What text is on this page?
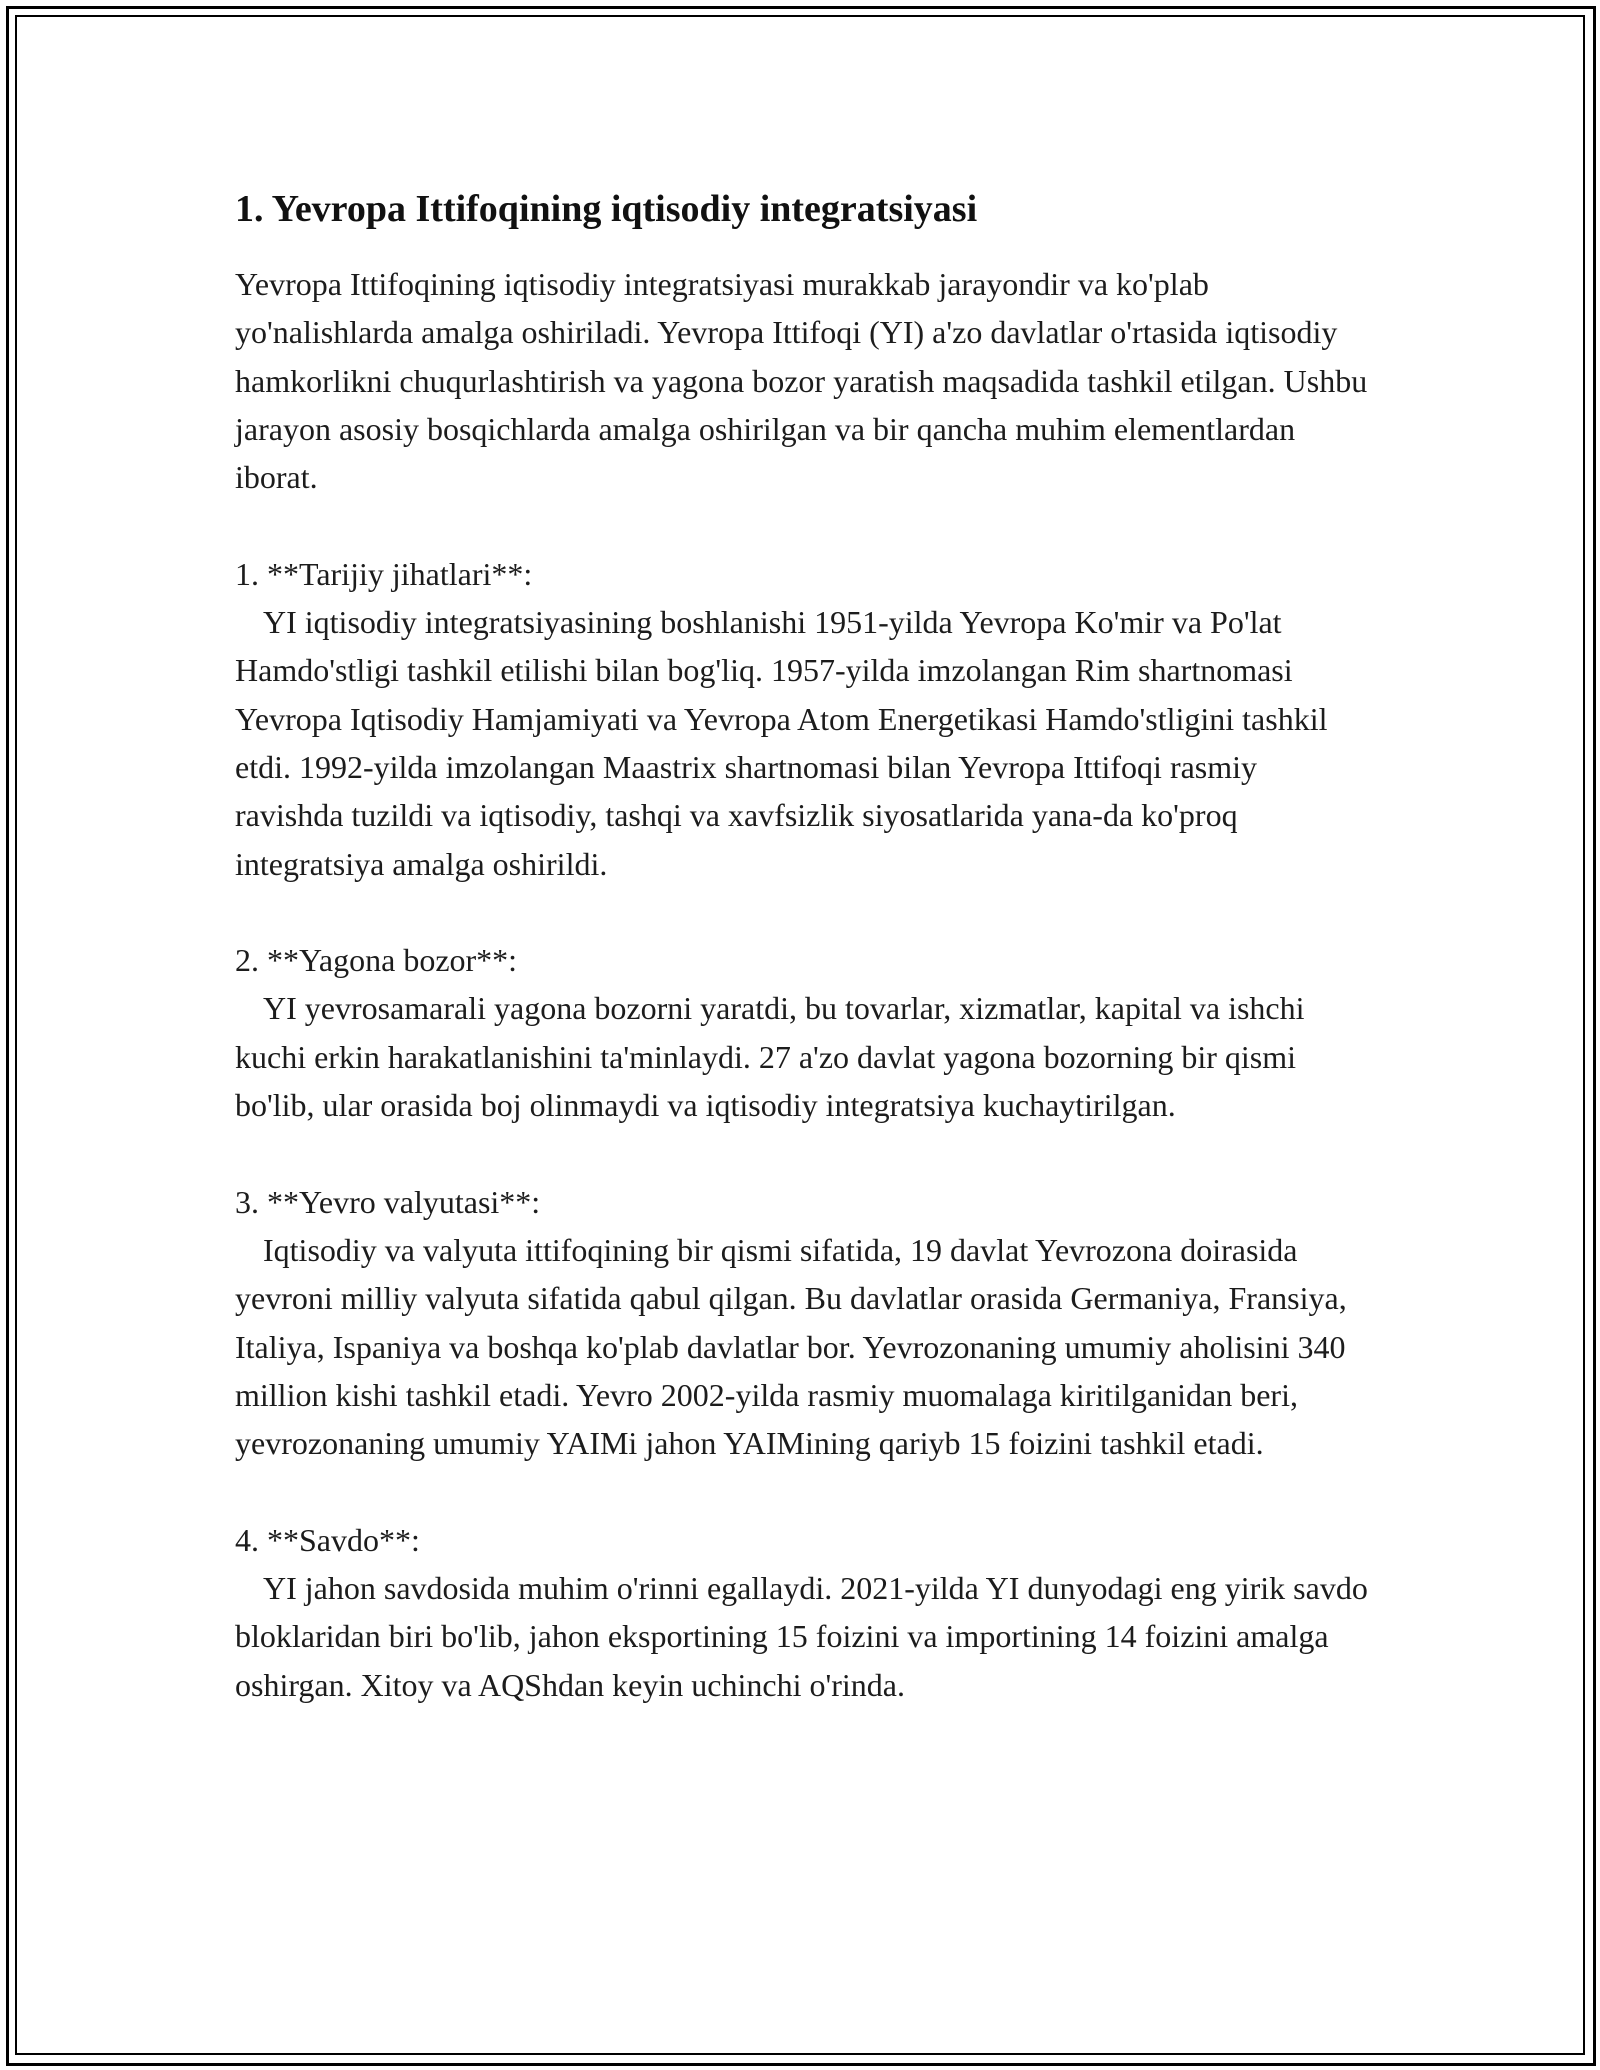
1. Yevropa Ittifoqining iqtisodiy integratsiyasi

Yevropa Ittifoqining iqtisodiy integratsiyasi murakkab jarayondir va ko'plab yo'nalishlarda amalga oshiriladi. Yevropa Ittifoqi (YI) a'zo davlatlar o'rtasida iqtisodiy hamkorlikni chuqurlashtirish va yagona bozor yaratish maqsadida tashkil etilgan. Ushbu jarayon asosiy bosqichlarda amalga oshirilgan va bir qancha muhim elementlardan iborat.

1. **Tarijiy jihatlari**:

YI iqtisodiy integratsiyasining boshlanishi 1951-yilda Yevropa Ko'mir va Po'lat Hamdo'stligi tashkil etilishi bilan bog'liq. 1957-yilda imzolangan Rim shartnomasi Yevropa Iqtisodiy Hamjamiyati va Yevropa Atom Energetikasi Hamdo'stligini tashkil etdi. 1992-yilda imzolangan Maastrix shartnomasi bilan Yevropa Ittifoqi rasmiy ravishda tuzildi va iqtisodiy, tashqi va xavfsizlik siyosatlarida yana-da ko'proq integratsiya amalga oshirildi.

2. **Yagona bozor**:

YI yevrosamarali yagona bozorni yaratdi, bu tovarlar, xizmatlar, kapital va ishchi kuchi erkin harakatlanishini ta'minlaydi. 27 a'zo davlat yagona bozorning bir qismi bo'lib, ular orasida boj olinmaydi va iqtisodiy integratsiya kuchaytirilgan.

3. **Yevro valyutasi**:

Iqtisodiy va valyuta ittifoqining bir qismi sifatida, 19 davlat Yevrozona doirasida yevroni milliy valyuta sifatida qabul qilgan. Bu davlatlar orasida Germaniya, Fransiya, Italiya, Ispaniya va boshqa ko'plab davlatlar bor. Yevrozonaning umumiy aholisini 340 million kishi tashkil etadi. Yevro 2002-yilda rasmiy muomalaga kiritilganidan beri, yevrozonaning umumiy YAIMi jahon YAIMining qariyb 15 foizini tashkil etadi.

4. **Savdo**:

YI jahon savdosida muhim o'rinni egallaydi. 2021-yilda YI dunyodagi eng yirik savdo bloklaridan biri bo'lib, jahon eksportining 15 foizini va importining 14 foizini amalga oshirgan. Xitoy va AQShdan keyin uchinchi o'rinda.
